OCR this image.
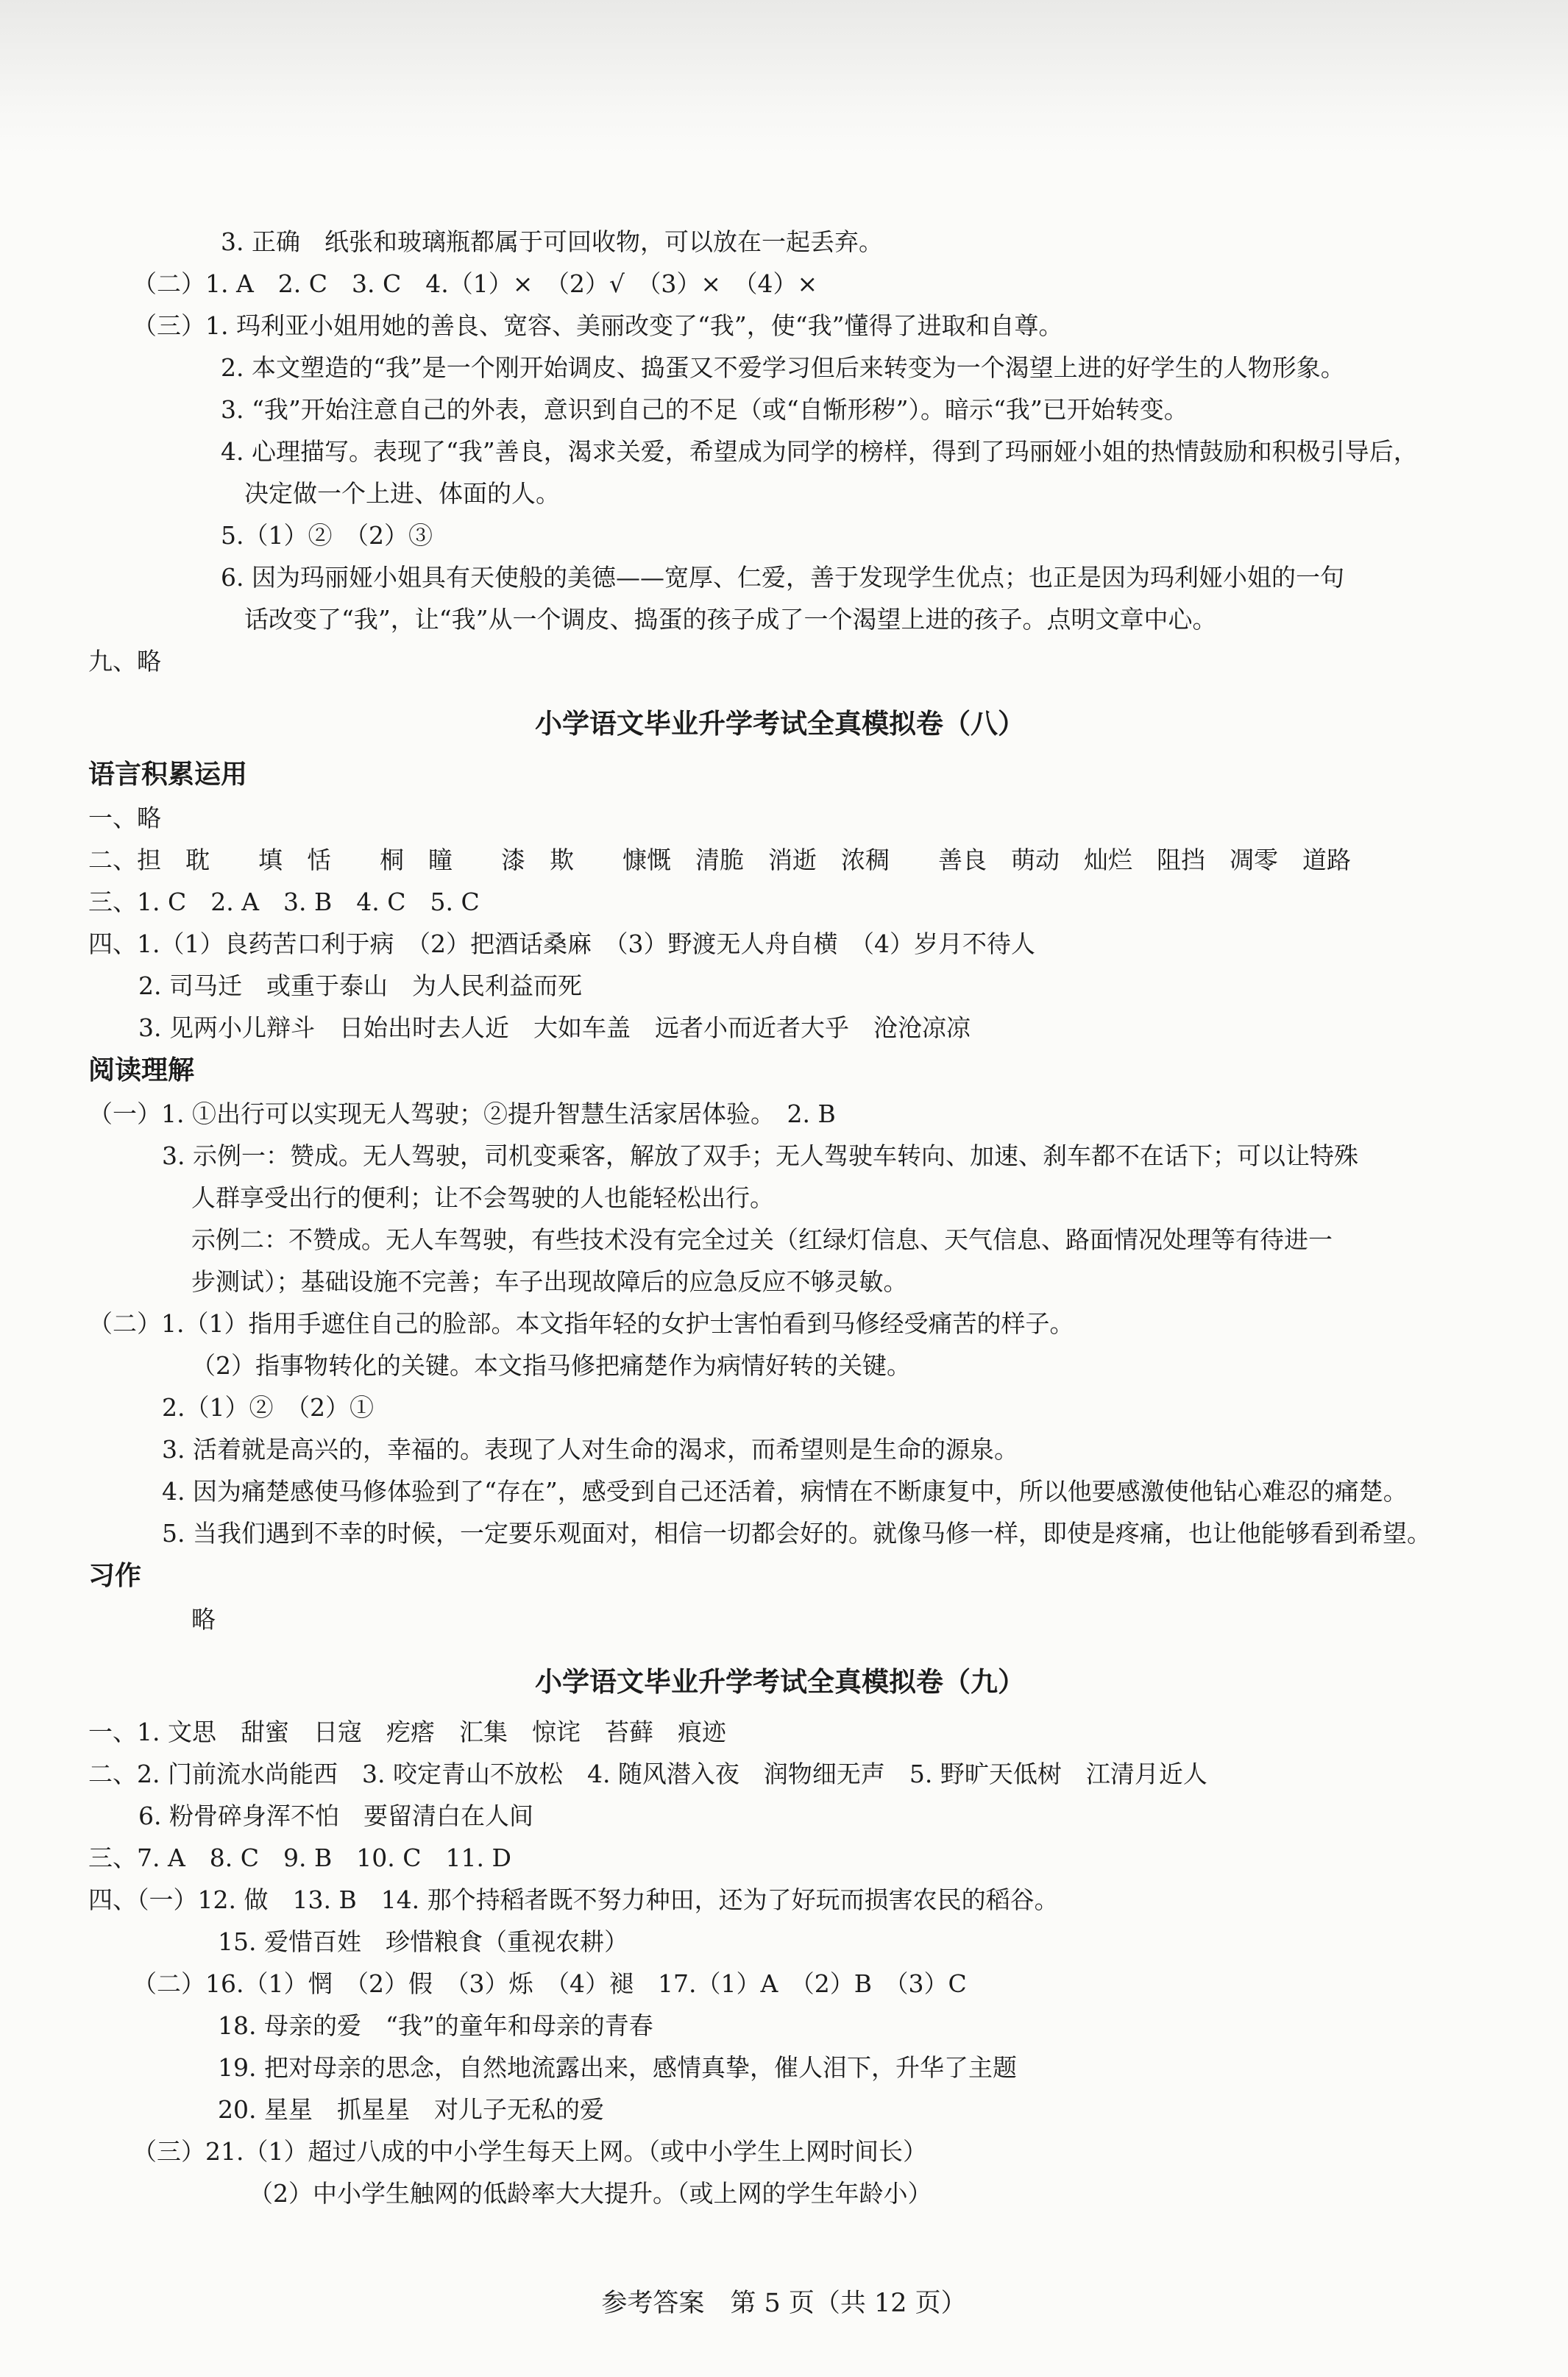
3. 正确　纸张和玻璃瓶都属于可回收物，可以放在一起丢弃。
（二）1. A　2. C　3. C　4.（1）×　（2）√　（3）×　（4）×
（三）1. 玛利亚小姐用她的善良、宽容、美丽改变了“我”，使“我”懂得了进取和自尊。
2. 本文塑造的“我”是一个刚开始调皮、捣蛋又不爱学习但后来转变为一个渴望上进的好学生的人物形象。
3. “我”开始注意自己的外表，意识到自己的不足（或“自惭形秽”）。暗示“我”已开始转变。
4. 心理描写。表现了“我”善良，渴求关爱，希望成为同学的榜样，得到了玛丽娅小姐的热情鼓励和积极引导后，
决定做一个上进、体面的人。
5.（1）②　（2）③
6. 因为玛丽娅小姐具有天使般的美德——宽厚、仁爱，善于发现学生优点；也正是因为玛利娅小姐的一句
话改变了“我”，让“我”从一个调皮、捣蛋的孩子成了一个渴望上进的孩子。点明文章中心。
九、略
小学语文毕业升学考试全真模拟卷（八）
语言积累运用
一、略
二、担　耽　　填　恬　　桐　瞳　　漆　欺　　慷慨　清脆　消逝　浓稠　　善良　萌动　灿烂　阻挡　凋零　道路
三、1. C　2. A　3. B　4. C　5. C
四、1.（1）良药苦口利于病　（2）把酒话桑麻　（3）野渡无人舟自横　（4）岁月不待人
2. 司马迁　或重于泰山　为人民利益而死
3. 见两小儿辩斗　日始出时去人近　大如车盖　远者小而近者大乎　沧沧凉凉
阅读理解
（一）1. ①出行可以实现无人驾驶；②提升智慧生活家居体验。　2. B
3. 示例一：赞成。无人驾驶，司机变乘客，解放了双手；无人驾驶车转向、加速、刹车都不在话下；可以让特殊
人群享受出行的便利；让不会驾驶的人也能轻松出行。
示例二：不赞成。无人车驾驶，有些技术没有完全过关（红绿灯信息、天气信息、路面情况处理等有待进一
步测试）；基础设施不完善；车子出现故障后的应急反应不够灵敏。
（二）1.（1）指用手遮住自己的脸部。本文指年轻的女护士害怕看到马修经受痛苦的样子。
（2）指事物转化的关键。本文指马修把痛楚作为病情好转的关键。
2.（1）②　（2）①
3. 活着就是高兴的，幸福的。表现了人对生命的渴求，而希望则是生命的源泉。
4. 因为痛楚感使马修体验到了“存在”，感受到自己还活着，病情在不断康复中，所以他要感激使他钻心难忍的痛楚。
5. 当我们遇到不幸的时候，一定要乐观面对，相信一切都会好的。就像马修一样，即使是疼痛，也让他能够看到希望。
习作
略
小学语文毕业升学考试全真模拟卷（九）
一、1. 文思　甜蜜　日寇　疙瘩　汇集　惊诧　苔藓　痕迹
二、2. 门前流水尚能西　3. 咬定青山不放松　4. 随风潜入夜　润物细无声　5. 野旷天低树　江清月近人
6. 粉骨碎身浑不怕　要留清白在人间
三、7. A　8. C　9. B　10. C　11. D
四、（一）12. 做　13. B　14. 那个持稻者既不努力种田，还为了好玩而损害农民的稻谷。
15. 爱惜百姓　珍惜粮食（重视农耕）
（二）16.（1）惘　（2）假　（3）烁　（4）褪　17.（1）A　（2）B　（3）C
18. 母亲的爱　“我”的童年和母亲的青春
19. 把对母亲的思念，自然地流露出来，感情真挚，催人泪下，升华了主题
20. 星星　抓星星　对儿子无私的爱
（三）21.（1）超过八成的中小学生每天上网。（或中小学生上网时间长）
（2）中小学生触网的低龄率大大提升。（或上网的学生年龄小）
参考答案　第 5 页（共 12 页）
